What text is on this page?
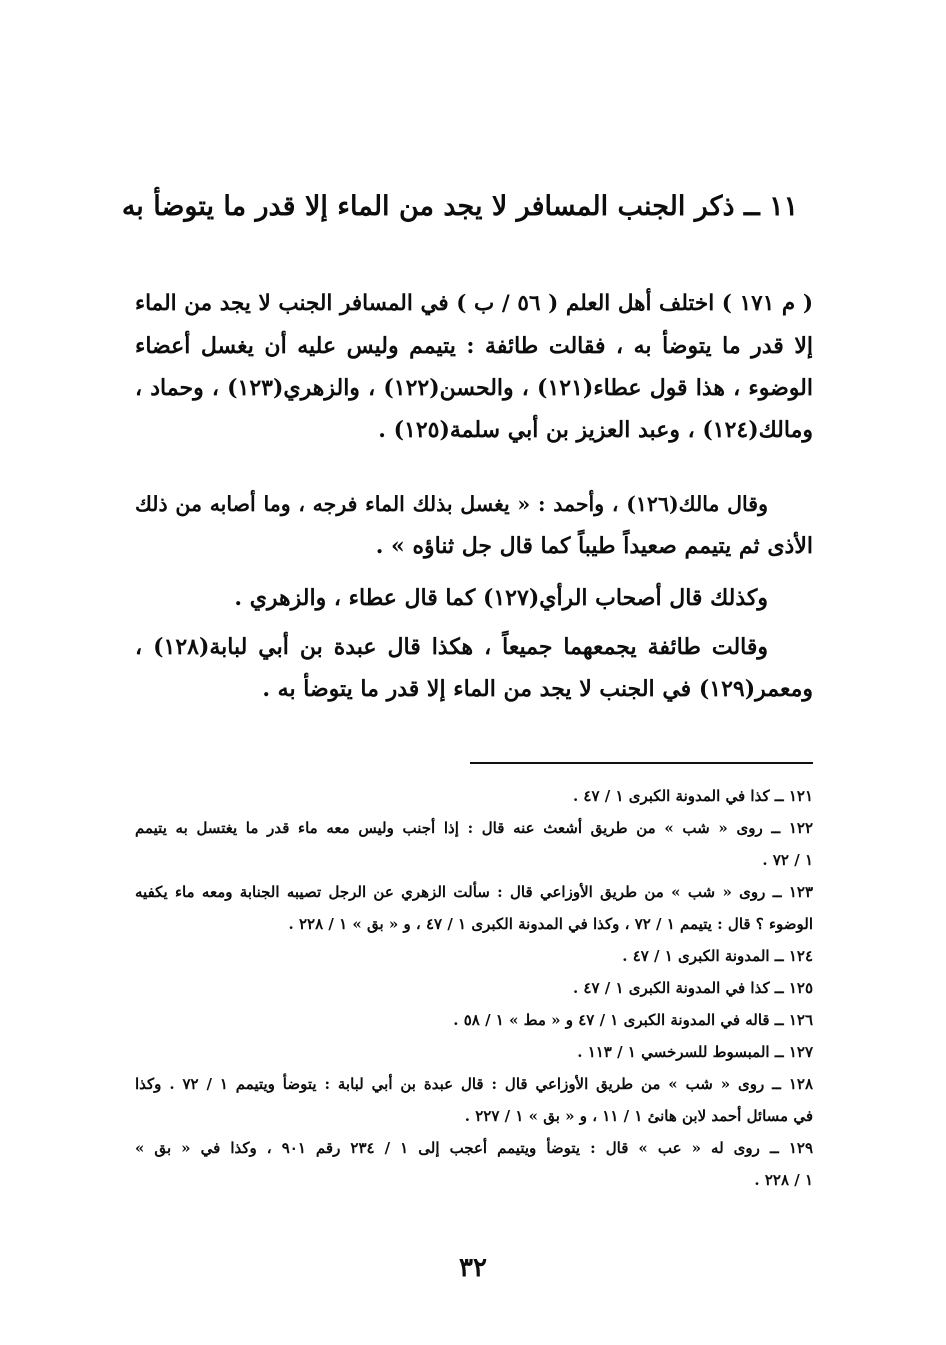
١١ ــ ذكر الجنب المسافر لا يجد من الماء إلا قدر ما يتوضأ به
( م ١٧١ ) اختلف أهل العلم ( ٥٦ / ب ) في المسافر الجنب لا يجد من الماء
إلا قدر ما يتوضأ به ، فقالت طائفة : يتيمم وليس عليه أن يغسل أعضاء
الوضوء ، هذا قول عطاء(١٢١) ، والحسن(١٢٢) ، والزهري(١٢٣) ، وحماد ،
ومالك(١٢٤) ، وعبد العزيز بن أبي سلمة(١٢٥) .
وقال مالك(١٢٦) ، وأحمد : « يغسل بذلك الماء فرجه ، وما أصابه من ذلك
الأذى ثم يتيمم صعيداً طيباً كما قال جل ثناؤه » .
وكذلك قال أصحاب الرأي(١٢٧) كما قال عطاء ، والزهري .
وقالت طائفة يجمعهما جميعاً ، هكذا قال عبدة بن أبي لبابة(١٢٨) ،
ومعمر(١٢٩) في الجنب لا يجد من الماء إلا قدر ما يتوضأ به .
١٢١ ــ كذا في المدونة الكبرى ١ / ٤٧ .
١٢٢ ــ روى « شب » من طريق أشعث عنه قال : إذا أجنب وليس معه ماء قدر ما يغتسل به يتيمم
١ / ٧٢ .
١٢٣ ــ روى « شب » من طريق الأوزاعي قال : سألت الزهري عن الرجل تصيبه الجنابة ومعه ماء يكفيه
الوضوء ؟ قال : يتيمم ١ / ٧٢ ، وكذا في المدونة الكبرى ١ / ٤٧ ، و « بق » ١ / ٢٢٨ .
١٢٤ ــ المدونة الكبرى ١ / ٤٧ .
١٢٥ ــ كذا في المدونة الكبرى ١ / ٤٧ .
١٢٦ ــ قاله في المدونة الكبرى ١ / ٤٧ و « مط » ١ / ٥٨ .
١٢٧ ــ المبسوط للسرخسي ١ / ١١٣ .
١٢٨ ــ روى « شب » من طريق الأوزاعي قال : قال عبدة بن أبي لبابة : يتوضأ ويتيمم ١ / ٧٢ . وكذا
في مسائل أحمد لابن هانئ ١ / ١١ ، و « بق » ١ / ٢٢٧ .
١٢٩ ــ روى له « عب » قال : يتوضأ ويتيمم أعجب إلى ١ / ٢٣٤ رقم ٩٠١ ، وكذا في « بق »
١ / ٢٢٨ .
٣٢
